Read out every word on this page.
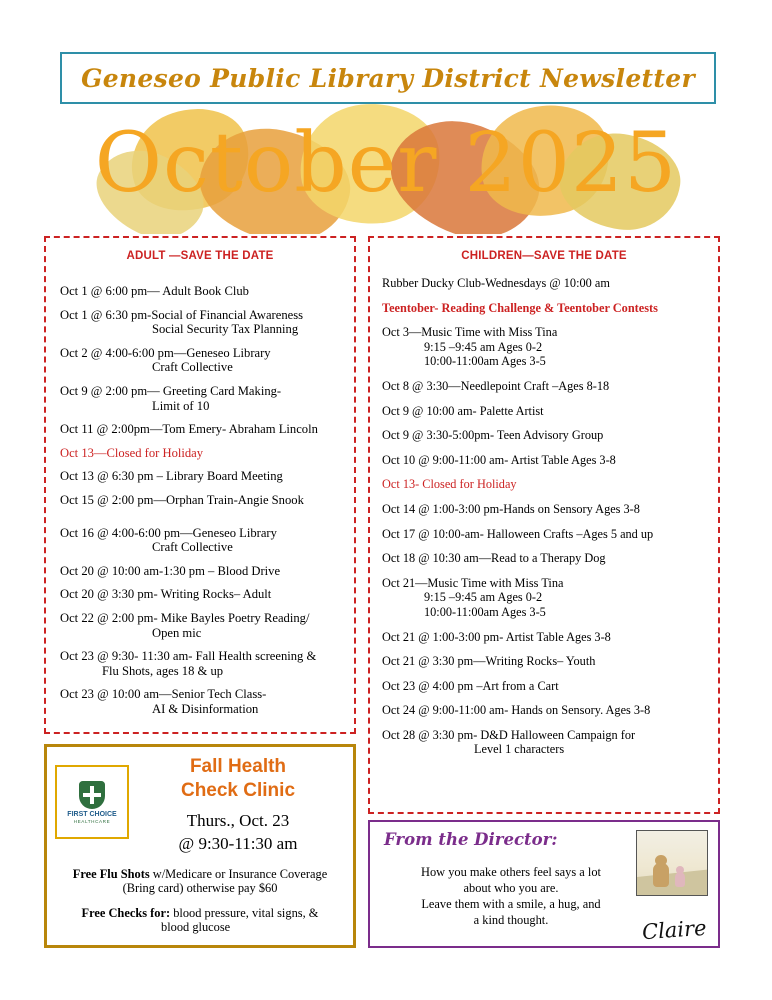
Geneseo Public Library District Newsletter
October 2025
ADULT —SAVE THE DATE
Oct 1 @ 6:00 pm— Adult Book Club
Oct 1 @ 6:30 pm-Social of Financial Awareness
Social Security Tax Planning
Oct 2 @ 4:00-6:00 pm—Geneseo Library
Craft Collective
Oct 9 @ 2:00 pm— Greeting Card Making-
Limit of 10
Oct 11 @ 2:00pm—Tom Emery- Abraham Lincoln
Oct 13—Closed for Holiday
Oct 13 @ 6:30 pm – Library Board Meeting
Oct 15 @ 2:00 pm—Orphan Train-Angie Snook
Oct 16 @ 4:00-6:00 pm—Geneseo Library
Craft Collective
Oct 20 @ 10:00 am-1:30 pm – Blood Drive
Oct 20 @ 3:30 pm- Writing Rocks– Adult
Oct 22 @ 2:00 pm- Mike Bayles Poetry Reading/
Open mic
Oct 23 @ 9:30- 11:30 am- Fall Health screening &
Flu Shots, ages 18 & up
Oct 23 @ 10:00 am—Senior Tech Class-
AI & Disinformation
CHILDREN—SAVE THE DATE
Rubber Ducky Club-Wednesdays @ 10:00 am
Teentober- Reading Challenge & Teentober Contests
Oct 3—Music Time with Miss Tina
9:15 –9:45 am Ages 0-2
10:00-11:00am Ages 3-5
Oct 8 @ 3:30—Needlepoint Craft –Ages 8-18
Oct 9 @ 10:00 am- Palette Artist
Oct 9 @ 3:30-5:00pm- Teen Advisory Group
Oct 10 @ 9:00-11:00 am- Artist Table Ages 3-8
Oct 13- Closed for Holiday
Oct 14 @ 1:00-3:00 pm-Hands on Sensory Ages 3-8
Oct 17 @ 10:00-am- Halloween Crafts –Ages 5 and up
Oct 18 @ 10:30 am—Read to a Therapy Dog
Oct 21—Music Time with Miss Tina
9:15 –9:45 am Ages 0-2
10:00-11:00am Ages 3-5
Oct 21 @ 1:00-3:00 pm- Artist Table Ages 3-8
Oct 21 @ 3:30 pm—Writing Rocks– Youth
Oct 23 @ 4:00 pm –Art from a Cart
Oct 24 @ 9:00-11:00 am- Hands on Sensory. Ages 3-8
Oct 28 @ 3:30 pm- D&D Halloween Campaign for
Level 1 characters
FIRST CHOICE
HEALTHCARE
Fall Health
Check Clinic
Thurs., Oct. 23
@ 9:30-11:30 am
Free Flu Shots w/Medicare or Insurance Coverage
(Bring card) otherwise pay $60
Free Checks for: blood pressure, vital signs, &
blood glucose
From the Director:
How you make others feel says a lot
about who you are.
Leave them with a smile, a hug, and
a kind thought.	Claire
